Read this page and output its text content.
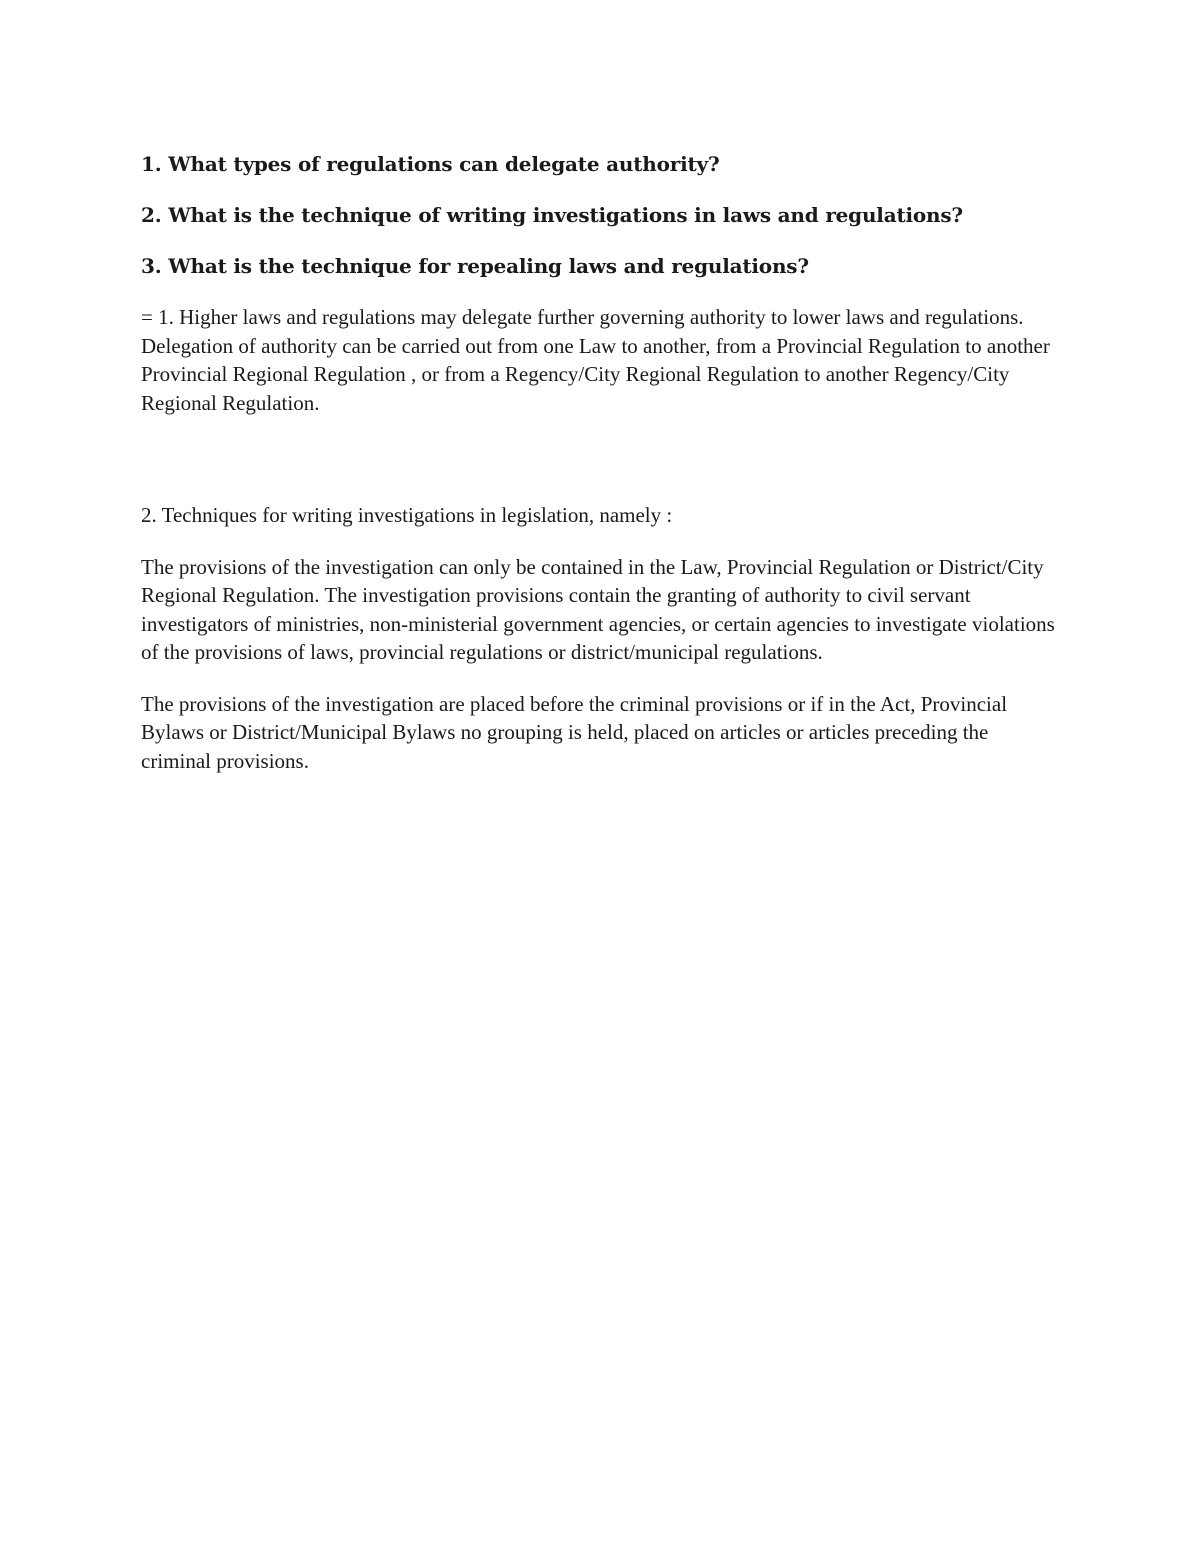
1. What types of regulations can delegate authority?

2. What is the technique of writing investigations in laws and regulations?

3. What is the technique for repealing laws and regulations?

= 1. Higher laws and regulations may delegate further governing authority to lower laws and regulations. Delegation of authority can be carried out from one Law to another, from a Provincial Regulation to another Provincial Regional Regulation , or from a Regency/City Regional Regulation to another Regency/City Regional Regulation.

2. Techniques for writing investigations in legislation, namely :

The provisions of the investigation can only be contained in the Law, Provincial Regulation or District/City Regional Regulation. The investigation provisions contain the granting of authority to civil servant investigators of ministries, non-ministerial government agencies, or certain agencies to investigate violations of the provisions of laws, provincial regulations or district/municipal regulations.

The provisions of the investigation are placed before the criminal provisions or if in the Act, Provincial Bylaws or District/Municipal Bylaws no grouping is held, placed on articles or articles preceding the criminal provisions.
